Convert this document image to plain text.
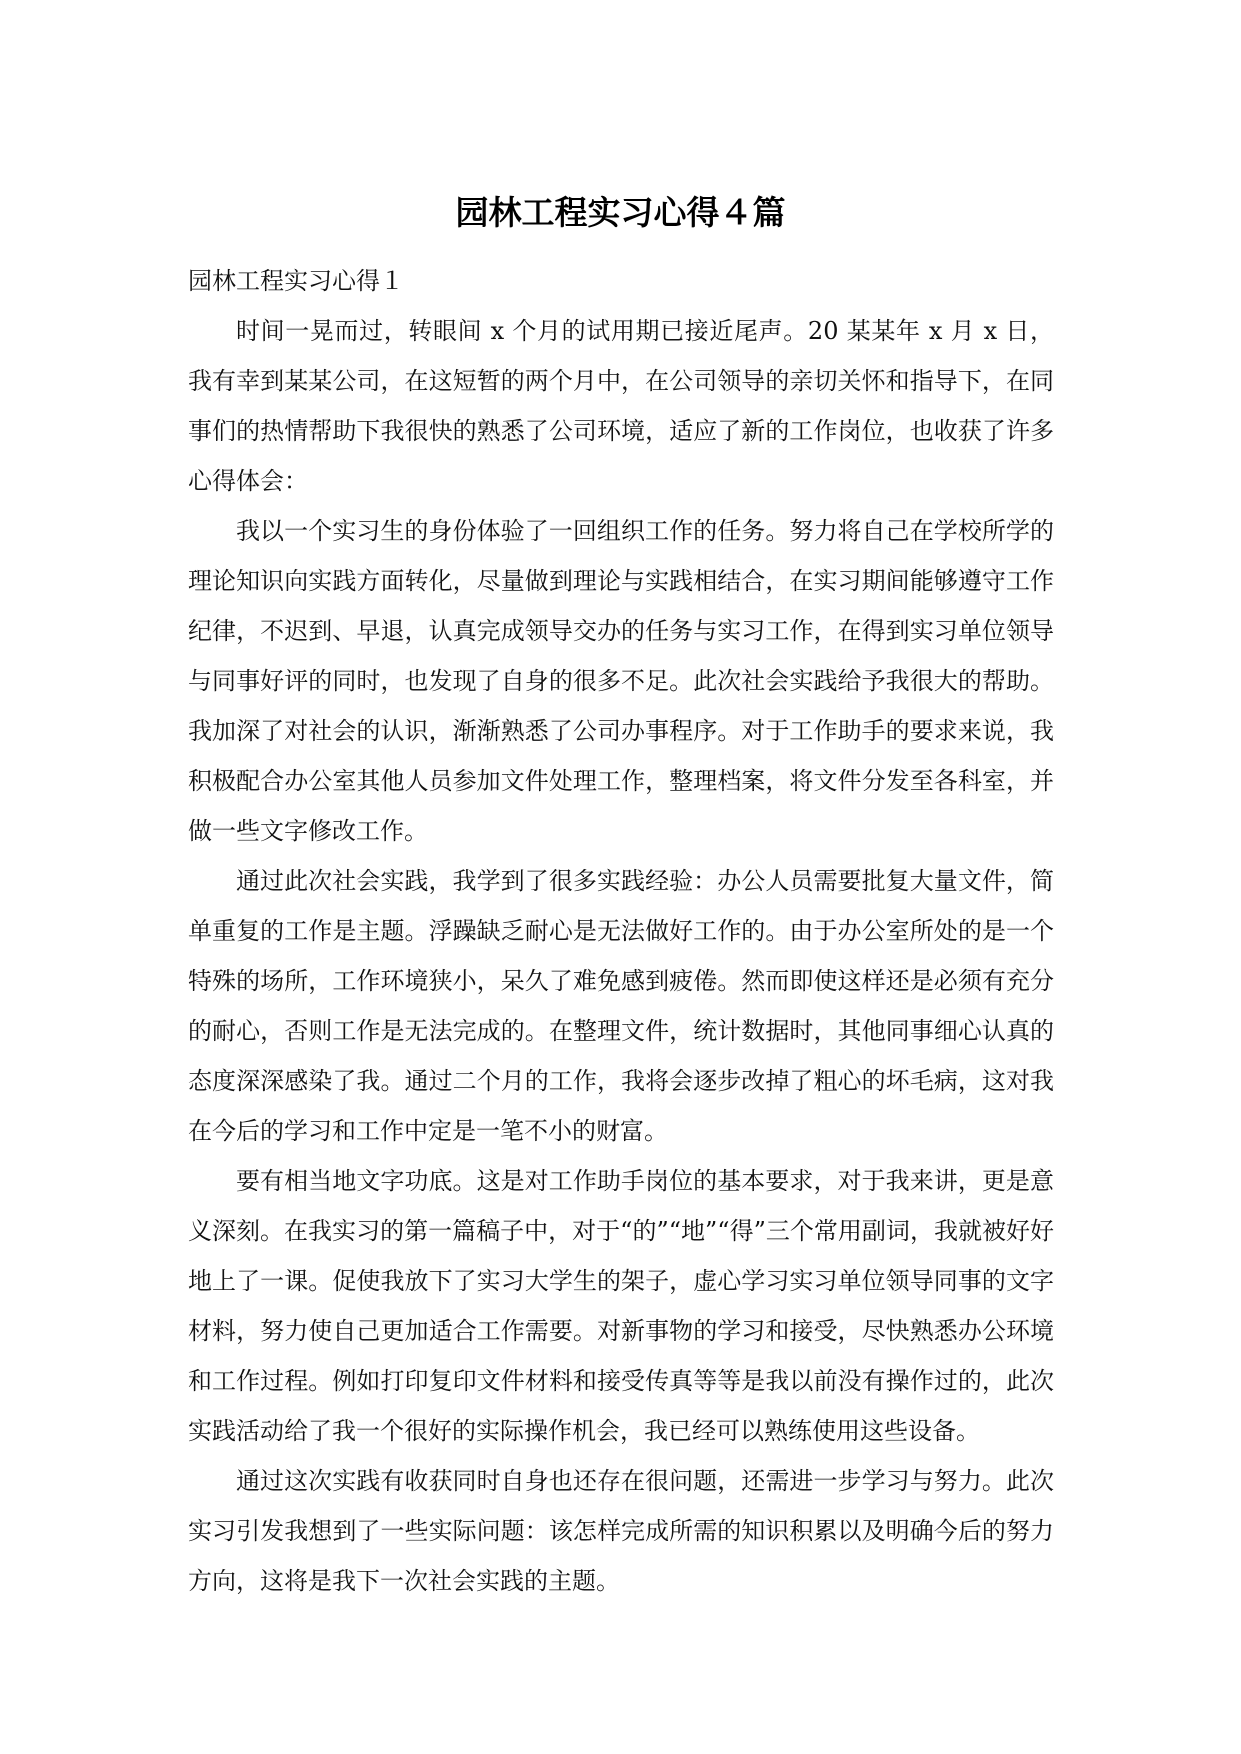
园林工程实习心得４篇

园林工程实习心得１

时间一晃而过，转眼间 x 个月的试用期已接近尾声。20 某某年 x 月 x 日，我有幸到某某公司，在这短暂的两个月中，在公司领导的亲切关怀和指导下，在同事们的热情帮助下我很快的熟悉了公司环境，适应了新的工作岗位，也收获了许多心得体会：

我以一个实习生的身份体验了一回组织工作的任务。努力将自己在学校所学的理论知识向实践方面转化，尽量做到理论与实践相结合，在实习期间能够遵守工作纪律，不迟到、早退，认真完成领导交办的任务与实习工作，在得到实习单位领导与同事好评的同时，也发现了自身的很多不足。此次社会实践给予我很大的帮助。我加深了对社会的认识，渐渐熟悉了公司办事程序。对于工作助手的要求来说，我积极配合办公室其他人员参加文件处理工作，整理档案，将文件分发至各科室，并做一些文字修改工作。

通过此次社会实践，我学到了很多实践经验：办公人员需要批复大量文件，简单重复的工作是主题。浮躁缺乏耐心是无法做好工作的。由于办公室所处的是一个特殊的场所，工作环境狭小，呆久了难免感到疲倦。然而即使这样还是必须有充分的耐心，否则工作是无法完成的。在整理文件，统计数据时，其他同事细心认真的态度深深感染了我。通过二个月的工作，我将会逐步改掉了粗心的坏毛病，这对我在今后的学习和工作中定是一笔不小的财富。

要有相当地文字功底。这是对工作助手岗位的基本要求，对于我来讲，更是意义深刻。在我实习的第一篇稿子中，对于“的”“地”“得”三个常用副词，我就被好好地上了一课。促使我放下了实习大学生的架子，虚心学习实习单位领导同事的文字材料，努力使自己更加适合工作需要。对新事物的学习和接受，尽快熟悉办公环境和工作过程。例如打印复印文件材料和接受传真等等是我以前没有操作过的，此次实践活动给了我一个很好的实际操作机会，我已经可以熟练使用这些设备。

通过这次实践有收获同时自身也还存在很问题，还需进一步学习与努力。此次实习引发我想到了一些实际问题：该怎样完成所需的知识积累以及明确今后的努力方向，这将是我下一次社会实践的主题。
